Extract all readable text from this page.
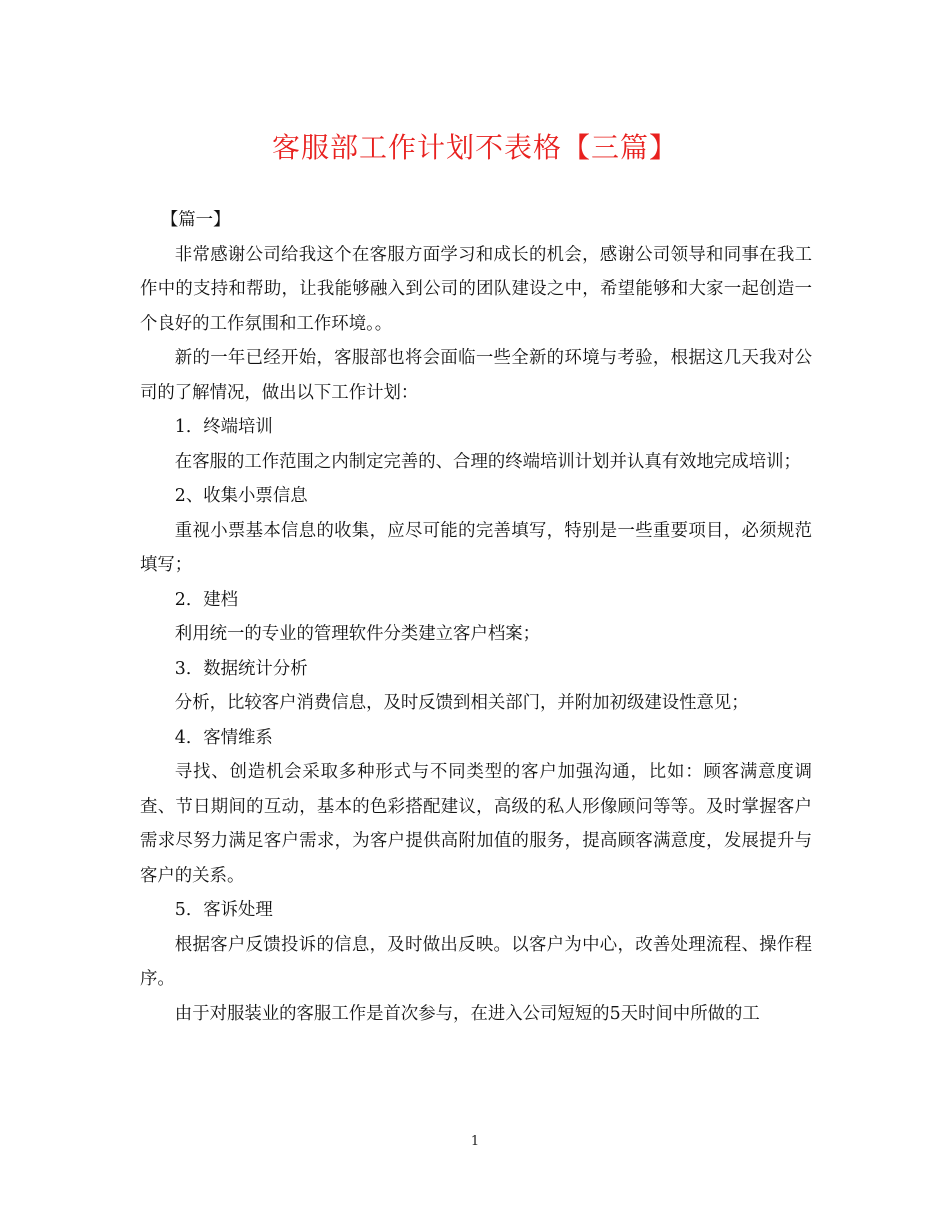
客服部工作计划不表格【三篇】

【篇一】

非常感谢公司给我这个在客服方面学习和成长的机会，感谢公司领导和同事在我工作中的支持和帮助，让我能够融入到公司的团队建设之中，希望能够和大家一起创造一个良好的工作氛围和工作环境。。

新的一年已经开始，客服部也将会面临一些全新的环境与考验，根据这几天我对公司的了解情况，做出以下工作计划：

1．终端培训

在客服的工作范围之内制定完善的、合理的终端培训计划并认真有效地完成培训；

2、收集小票信息

重视小票基本信息的收集，应尽可能的完善填写，特别是一些重要项目，必须规范填写；

2．建档

利用统一的专业的管理软件分类建立客户档案；

3．数据统计分析

分析，比较客户消费信息，及时反馈到相关部门，并附加初级建设性意见；

4．客情维系

寻找、创造机会采取多种形式与不同类型的客户加强沟通，比如：顾客满意度调查、节日期间的互动，基本的色彩搭配建议，高级的私人形像顾问等等。及时掌握客户需求尽努力满足客户需求，为客户提供高附加值的服务，提高顾客满意度，发展提升与客户的关系。

5．客诉处理

根据客户反馈投诉的信息，及时做出反映。以客户为中心，改善处理流程、操作程序。

由于对服装业的客服工作是首次参与，在进入公司短短的5天时间中所做的工

1
